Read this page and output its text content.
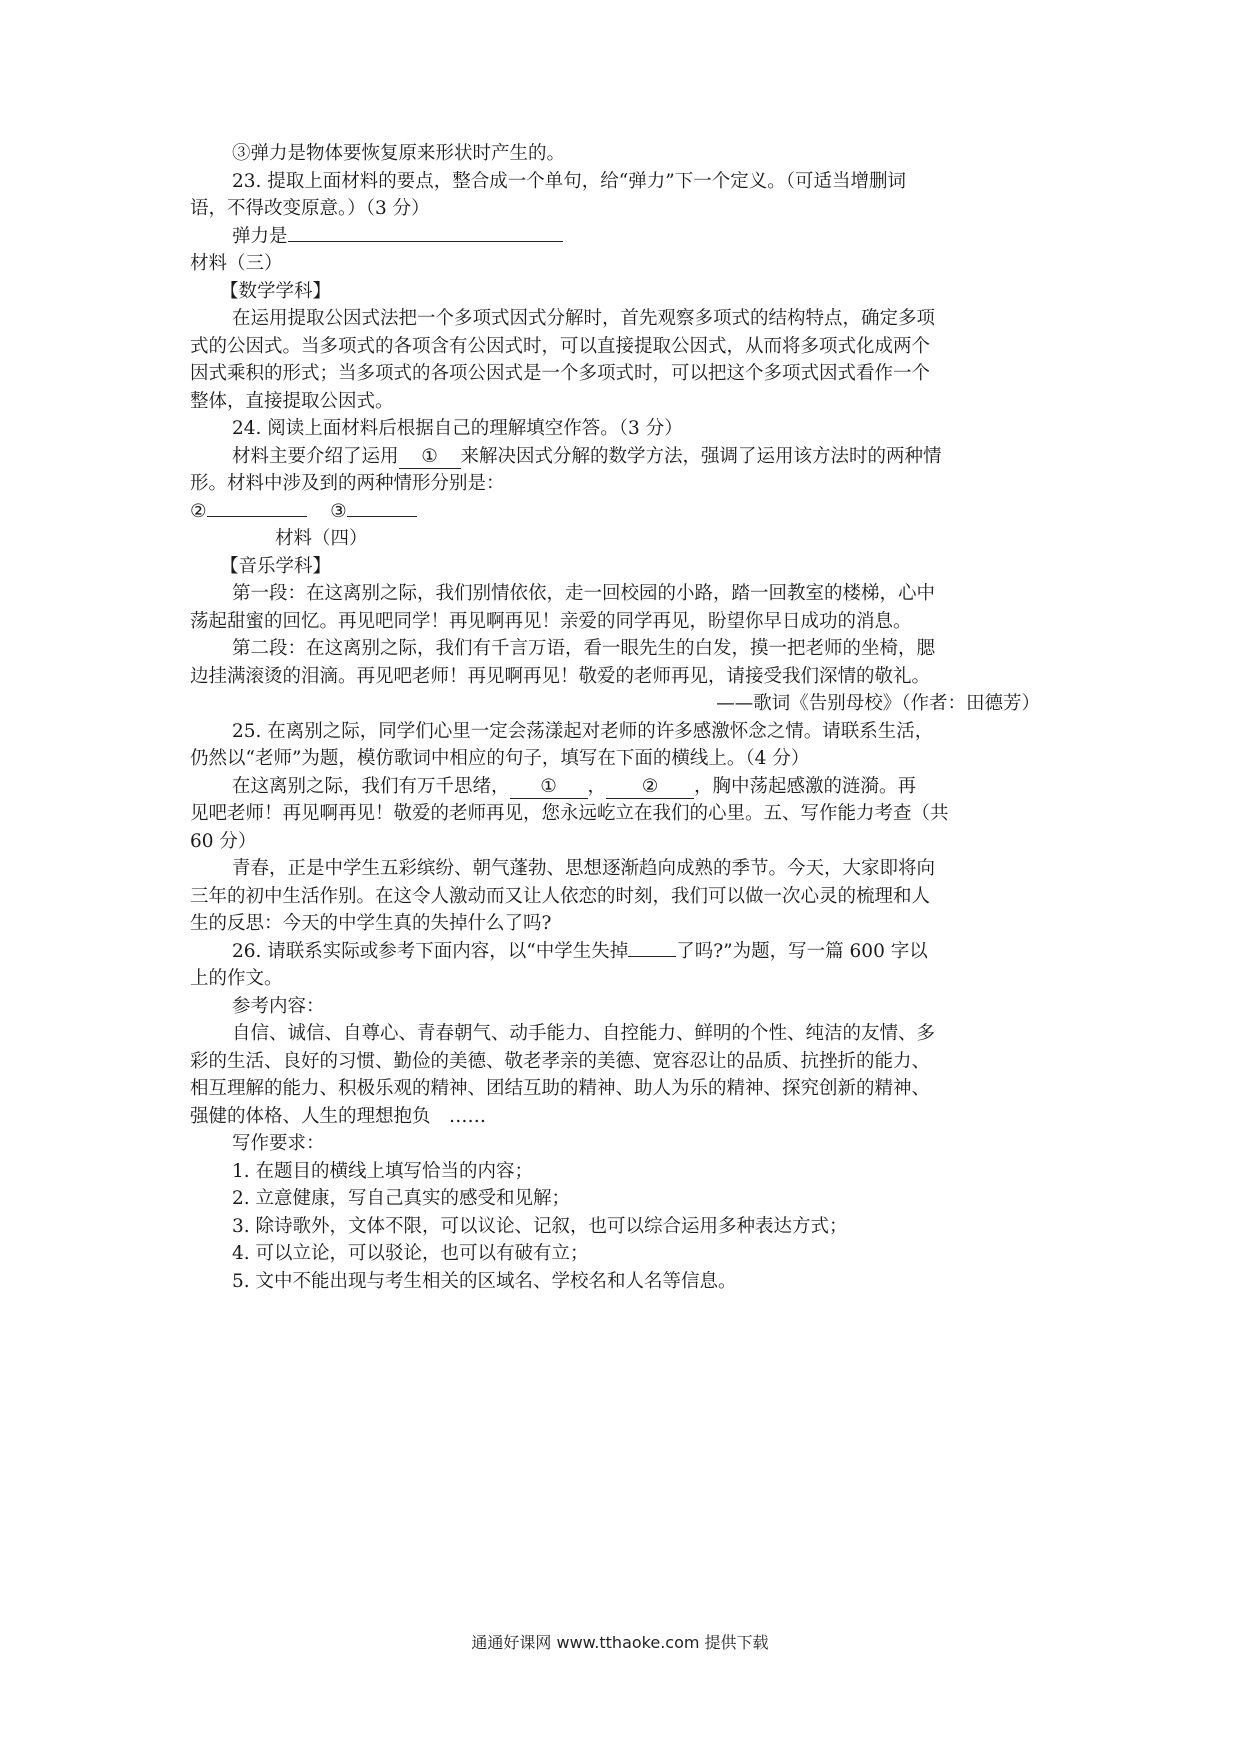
③弹力是物体要恢复原来形状时产生的。
23. 提取上面材料的要点，整合成一个单句，给“弹力”下一个定义。（可适当增删词
语，不得改变原意。）（3 分）
弹力是
材料（三）
【数学学科】
在运用提取公因式法把一个多项式因式分解时，首先观察多项式的结构特点，确定多项
式的公因式。当多项式的各项含有公因式时，可以直接提取公因式，从而将多项式化成两个
因式乘积的形式；当多项式的各项公因式是一个多项式时，可以把这个多项式因式看作一个
整体，直接提取公因式。
24. 阅读上面材料后根据自己的理解填空作答。（3 分）
材料主要介绍了运用 ① 来解决因式分解的数学方法，强调了运用该方法时的两种情
形。材料中涉及到的两种情形分别是：
②	③
材料（四）
【音乐学科】
第一段：在这离别之际，我们别情依依，走一回校园的小路，踏一回教室的楼梯，心中
荡起甜蜜的回忆。再见吧同学！再见啊再见！亲爱的同学再见，盼望你早日成功的消息。
第二段：在这离别之际，我们有千言万语，看一眼先生的白发，摸一把老师的坐椅，腮
边挂满滚烫的泪滴。再见吧老师！再见啊再见！敬爱的老师再见，请接受我们深情的敬礼。
——歌词《告别母校》（作者：田德芳）
25. 在离别之际，同学们心里一定会荡漾起对老师的许多感激怀念之情。请联系生活，
仍然以“老师”为题，模仿歌词中相应的句子，填写在下面的横线上。（4 分）
在这离别之际，我们有万千思绪， ① ， ② ，胸中荡起感激的涟漪。再
见吧老师！再见啊再见！敬爱的老师再见，您永远屹立在我们的心里。五、写作能力考查（共
60 分）
青春，正是中学生五彩缤纷、朝气蓬勃、思想逐渐趋向成熟的季节。今天，大家即将向
三年的初中生活作别。在这令人激动而又让人依恋的时刻，我们可以做一次心灵的梳理和人
生的反思：今天的中学生真的失掉什么了吗?
26. 请联系实际或参考下面内容，以“中学生失掉	了吗?”为题，写一篇 600 字以
上的作文。
参考内容：
自信、诚信、自尊心、青春朝气、动手能力、自控能力、鲜明的个性、纯洁的友情、多
彩的生活、良好的习惯、勤俭的美德、敬老孝亲的美德、宽容忍让的品质、抗挫折的能力、
相互理解的能力、积极乐观的精神、团结互助的精神、助人为乐的精神、探究创新的精神、
强健的体格、人生的理想抱负　……
写作要求：
1. 在题目的横线上填写恰当的内容；
2. 立意健康，写自己真实的感受和见解；
3. 除诗歌外，文体不限，可以议论、记叙，也可以综合运用多种表达方式；
4. 可以立论，可以驳论，也可以有破有立；
5. 文中不能出现与考生相关的区域名、学校名和人名等信息。
通通好课网 www.tthaoke.com 提供下载
